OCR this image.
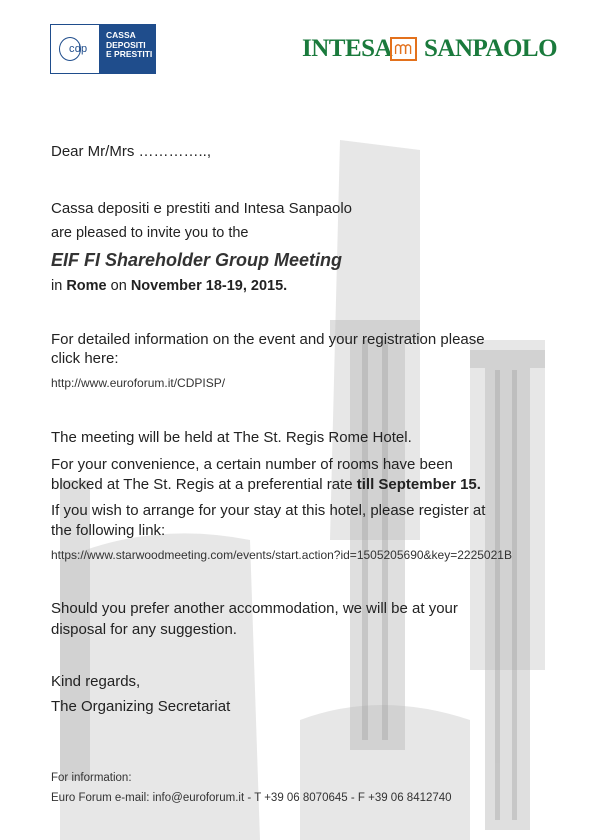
cdp
CASSA
DEPOSITI
E PRESTITI	INTESA SANPAOLO
Dear Mr/Mrs …………..,
Cassa depositi e prestiti and Intesa Sanpaolo
are pleased to invite you to the
EIF FI Shareholder Group Meeting
in Rome on November 18-19, 2015.
For detailed information on the event and your registration please
click here:
http://www.euroforum.it/CDPISP/
The meeting will be held at The St. Regis Rome Hotel.
For your convenience, a certain number of rooms have been
blocked at The St. Regis at a preferential rate till September 15.
If you wish to arrange for your stay at this hotel, please register at
the following link:
https://www.starwoodmeeting.com/events/start.action?id=1505205690&key=2225021B
Should you prefer another accommodation, we will be at your
disposal for any suggestion.
Kind regards,
The Organizing Secretariat
For information:
Euro Forum e-mail: info@euroforum.it - T +39 06 8070645 - F +39 06 8412740
